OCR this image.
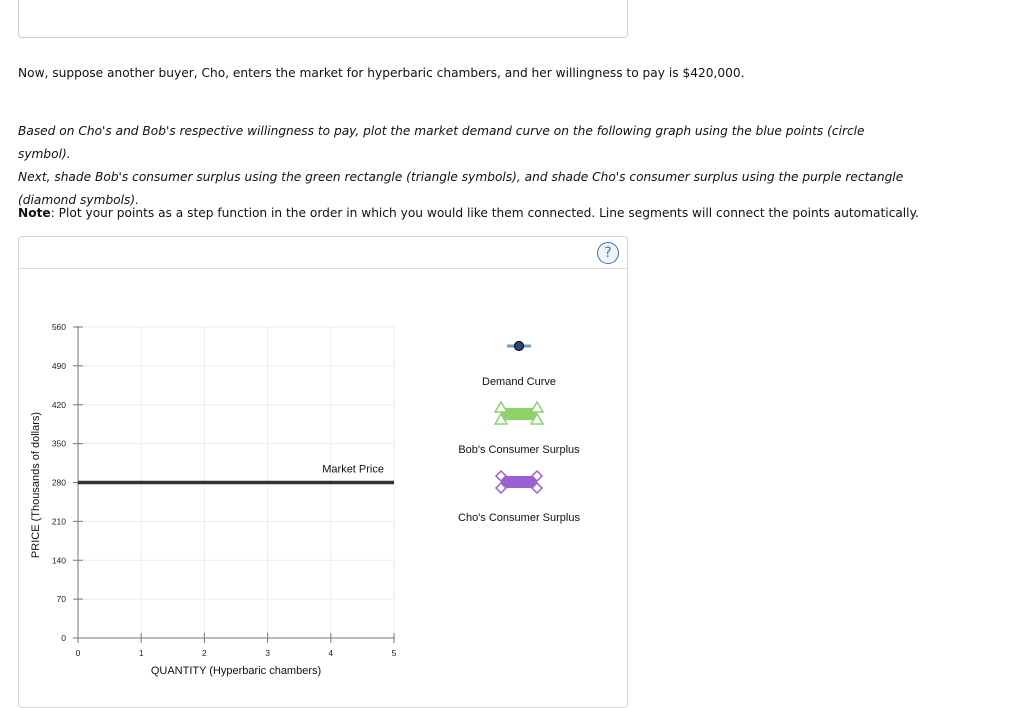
Now, suppose another buyer, Cho, enters the market for hyperbaric chambers, and her willingness to pay is $420,000.

Based on Cho's and Bob's respective willingness to pay, plot the market demand curve on the following graph using the blue points (circle symbol).
Next, shade Bob's consumer surplus using the green rectangle (triangle symbols), and shade Cho's consumer surplus using the purple rectangle
(diamond symbols).

Note: Plot your points as a step function in the order in which you would like them connected. Line segments will connect the points automatically.

?
0
70
140
210
280
350
420
490
560
0	1	2	3	4	5
QUANTITY (Hyperbaric chambers)
PRICE (Thousands of dollars)	Market Price
Demand Curve
Bob's Consumer Surplus
Cho's Consumer Surplus
